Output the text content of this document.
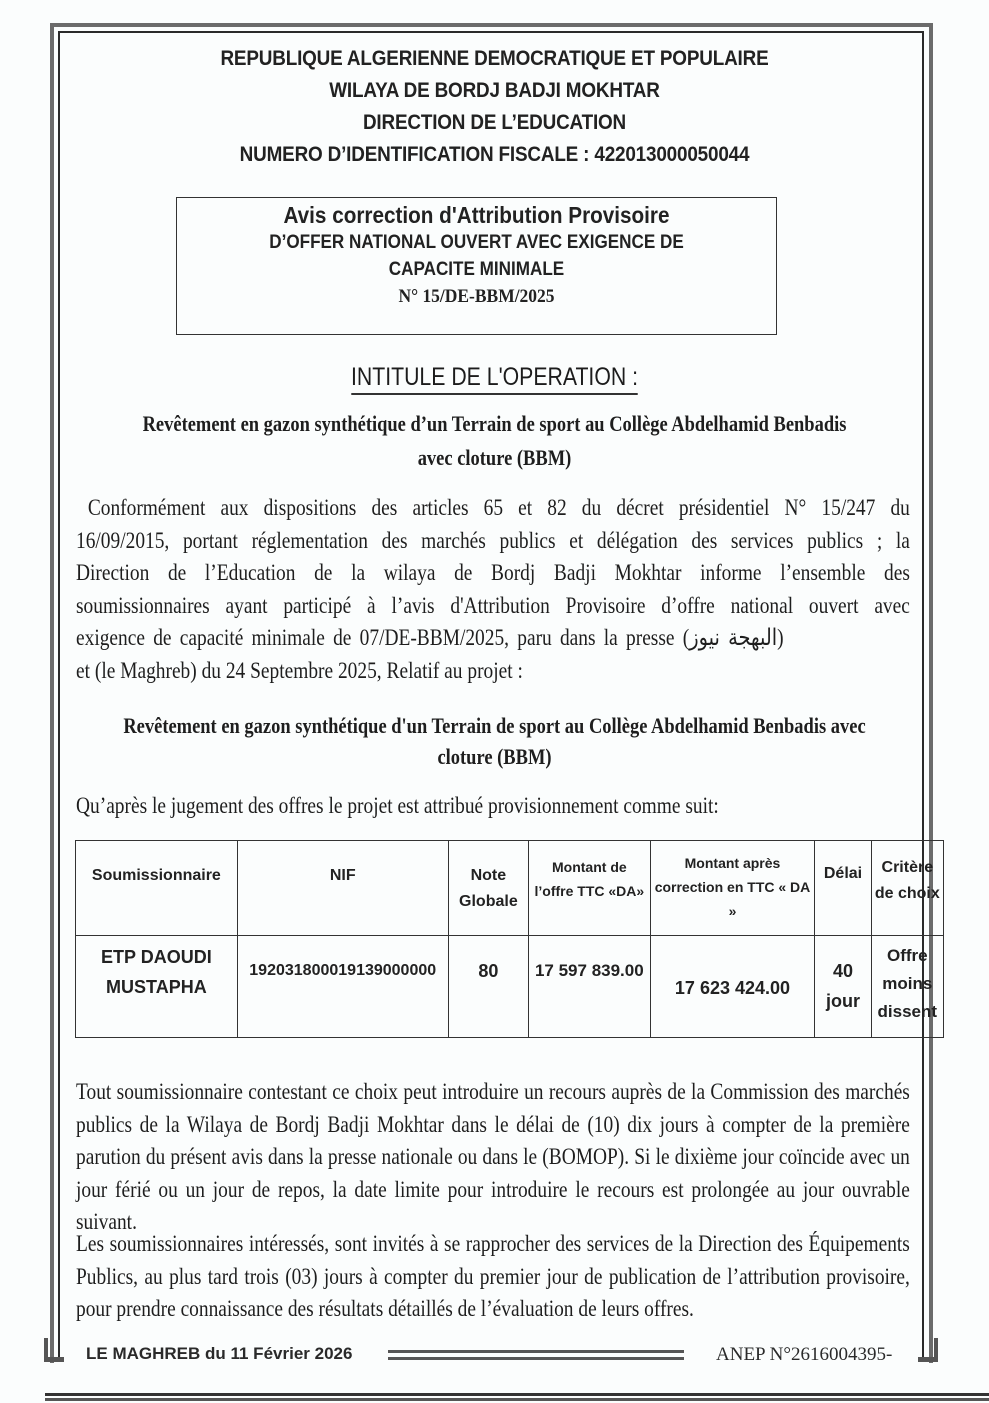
REPUBLIQUE ALGERIENNE DEMOCRATIQUE ET POPULAIRE
WILAYA DE BORDJ BADJI MOKHTAR
DIRECTION DE L’EDUCATION
NUMERO D’IDENTIFICATION FISCALE : 422013000050044
Avis correction d'Attribution Provisoire
D’OFFER NATIONAL OUVERT AVEC EXIGENCE DE
CAPACITE MINIMALE
N° 15/DE-BBM/2025
INTITULE DE L'OPERATION :
Revêtement en gazon synthétique d’un Terrain de sport au Collège Abdelhamid Benbadis
avec cloture (BBM)
Conformément aux dispositions des articles 65 et 82 du décret présidentiel N° 15/247 du
16/09/2015, portant réglementation des marchés publics et délégation des services publics ; la
Direction de l’Education de la wilaya de Bordj Badji Mokhtar informe l’ensemble des
soumissionnaires ayant participé à l’avis d'Attribution Provisoire d’offre national ouvert avec
exigence de capacité minimale de 07/DE-BBM/2025, paru dans la presse (البهجة نيوز)
et (le Maghreb) du 24 Septembre 2025, Relatif au projet :
Revêtement en gazon synthétique d'un Terrain de sport au Collège Abdelhamid Benbadis avec
cloture (BBM)
Qu’après le jugement des offres le projet est attribué provisionnement comme suit:
Soumissionnaire	NIF	Note Globale	Montant de l’offre TTC «DA»	Montant après correction en TTC « DA »	Délai	Critère de choix
ETP DAOUDI MUSTAPHA	192031800019139000000	80	17 597 839.00	17 623 424.00	40 jour	Offre moins dissent
Tout soumissionnaire contestant ce choix peut introduire un recours auprès de la Commission des marchés
publics de la Wilaya de Bordj Badji Mokhtar dans le délai de (10) dix jours à compter de la première
parution du présent avis dans la presse nationale ou dans le (BOMOP). Si le dixième jour coïncide avec un
jour férié ou un jour de repos, la date limite pour introduire le recours est prolongée au jour ouvrable
suivant.
Les soumissionnaires intéressés, sont invités à se rapprocher des services de la Direction des Équipements
Publics, au plus tard trois (03) jours à compter du premier jour de publication de l’attribution provisoire,
pour prendre connaissance des résultats détaillés de l’évaluation de leurs offres.
LE MAGHREB du 11 Février 2026	ANEP N°2616004395-
